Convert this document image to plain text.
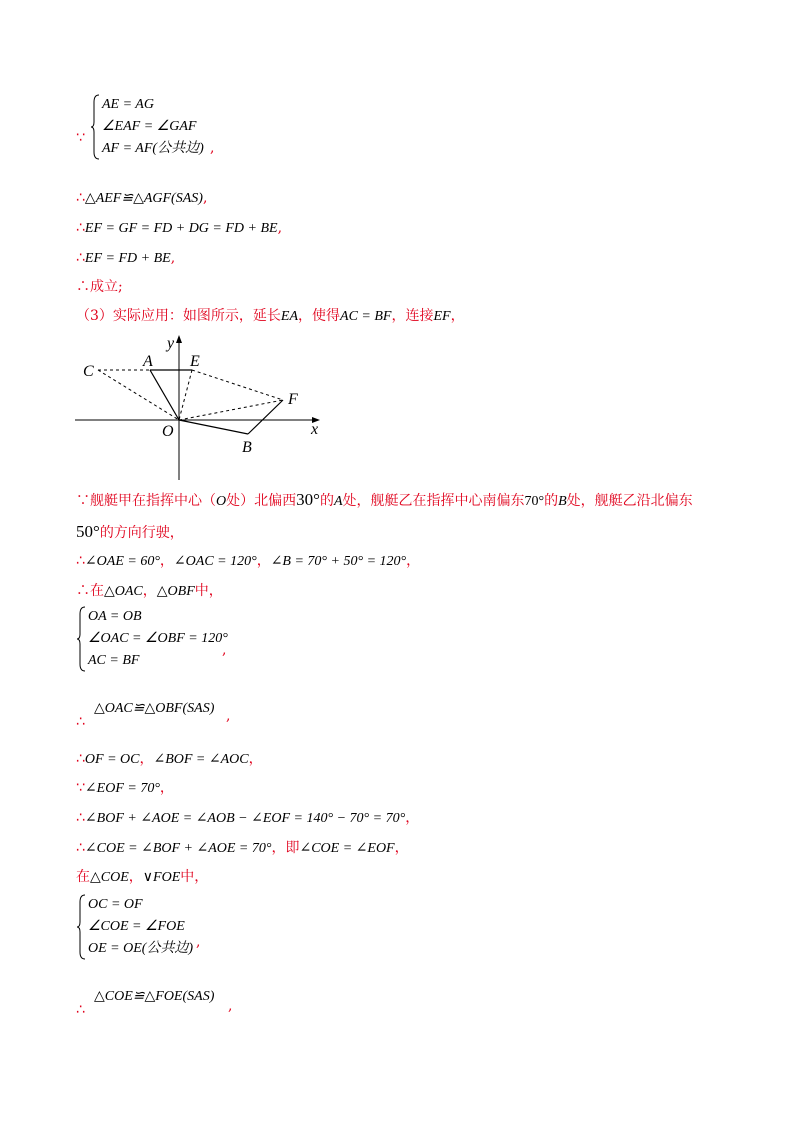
AE = AG
∠EAF = ∠GAF
AF = AF(公共边)
∵
,
∴△AEF≌△AGF(SAS),
∴EF = GF = FD + DG = FD + BE,
∴EF = FD + BE,
∴成立;
（3）实际应用：如图所示，延长EA，使得AC = BF，连接EF，
y
x
O
A E
C
F
B
∵舰艇甲在指挥中心（O处）北偏西30°的A处，舰艇乙在指挥中心南偏东70°的B处，舰艇乙沿北偏东
50°的方向行驶，
∴∠OAE = 60°，∠OAC = 120°，∠B = 70° + 50° = 120°，
∴在△OAC，△OBF中，
OA = OB
∠OAC = ∠OBF = 120°
AC = BF
,
△OAC≌△OBF(SAS)
∴	,
∴OF = OC，∠BOF = ∠AOC，
∵∠EOF = 70°，
∴∠BOF + ∠AOE = ∠AOB − ∠EOF = 140° − 70° = 70°，
∴∠COE = ∠BOF + ∠AOE = 70°，即∠COE = ∠EOF，
在△COE，∨FOE中，
OC = OF
∠COE = ∠FOE
OE = OE(公共边) ,
△COE≌△FOE(SAS)
∴	,
